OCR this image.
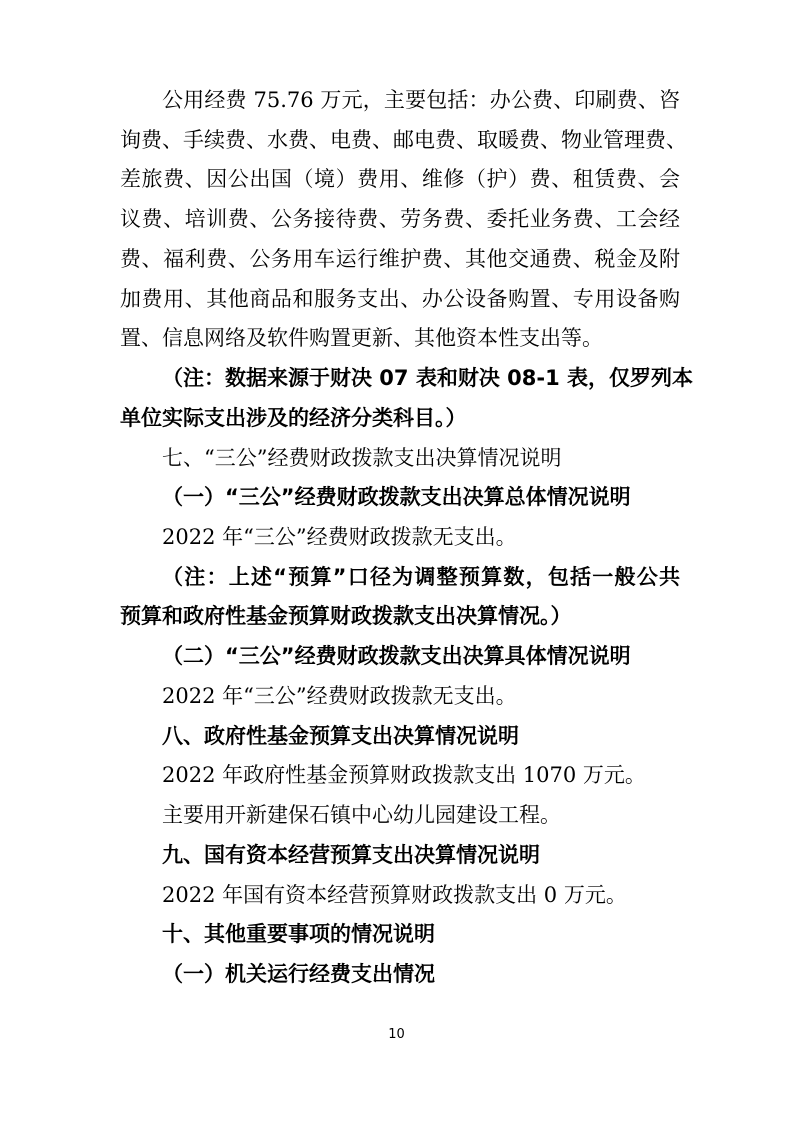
公用经费 75.76 万元，主要包括：办公费、印刷费、咨
询费、手续费、水费、电费、邮电费、取暖费、物业管理费、
差旅费、因公出国（境）费用、维修（护）费、租赁费、会
议费、培训费、公务接待费、劳务费、委托业务费、工会经
费、福利费、公务用车运行维护费、其他交通费、税金及附
加费用、其他商品和服务支出、办公设备购置、专用设备购
置、信息网络及软件购置更新、其他资本性支出等。
（注：数据来源于财决 07 表和财决 08-1 表，仅罗列本
单位实际支出涉及的经济分类科目。）
七、“三公”经费财政拨款支出决算情况说明
（一）“三公”经费财政拨款支出决算总体情况说明
2022 年“三公”经费财政拨款无支出。
（注：上述“预算”口径为调整预算数，包括一般公共
预算和政府性基金预算财政拨款支出决算情况。）
（二）“三公”经费财政拨款支出决算具体情况说明
2022 年“三公”经费财政拨款无支出。
八、政府性基金预算支出决算情况说明
2022 年政府性基金预算财政拨款支出 1070 万元。
主要用开新建保石镇中心幼儿园建设工程。
九、国有资本经营预算支出决算情况说明
2022 年国有资本经营预算财政拨款支出 0 万元。
十、其他重要事项的情况说明
（一）机关运行经费支出情况
10
